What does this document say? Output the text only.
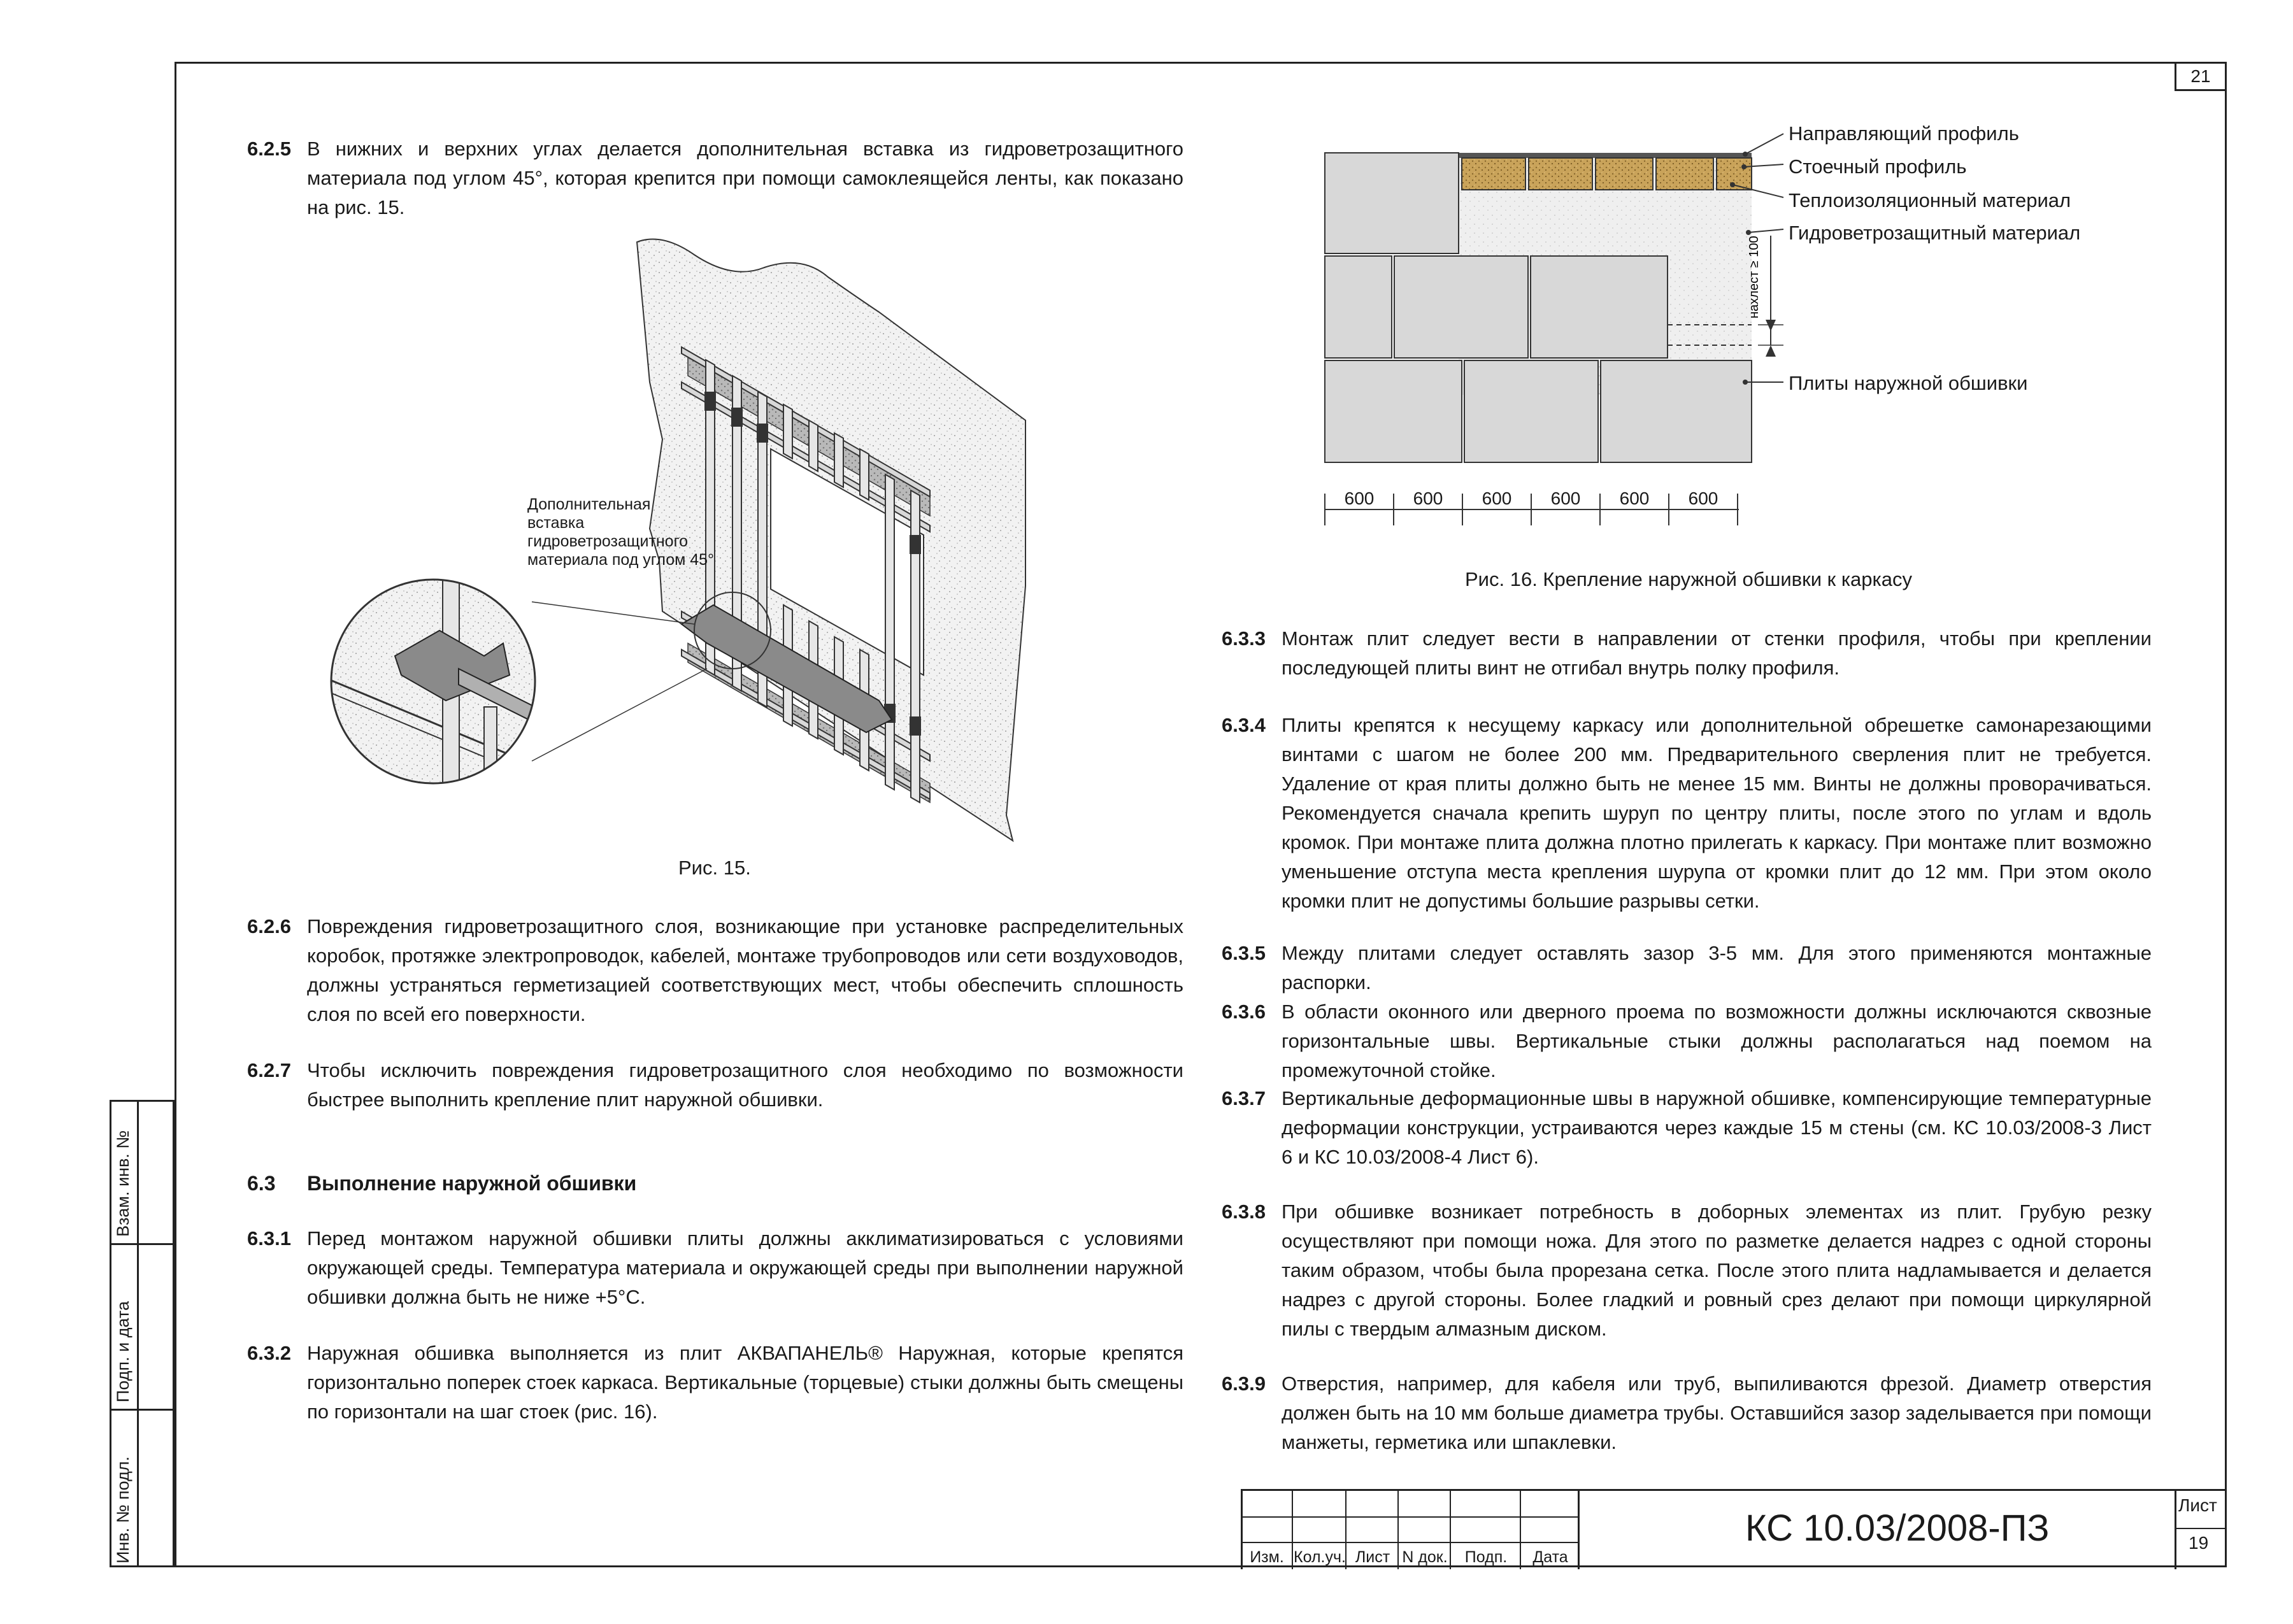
21
Взам. инв. №
Подп. и дата
Инв. № подл.
6.2.5 В нижних и верхних углах делается дополнительная вставка из гидроветрозащитного материала под углом 45°, которая крепится при помощи самоклеящейся ленты, как показано на рис. 15.
Дополнительная
вставка
гидроветрозащитного
материала под углом 45°
Рис. 15.
6.2.6 Повреждения гидроветрозащитного слоя, возникающие при установке распределительных коробок, протяжке электропроводок, кабелей, монтаже трубопроводов или сети воздуховодов, должны устраняться герметизацией соответствующих мест, чтобы обеспечить сплошность слоя по всей его поверхности.
6.2.7 Чтобы исключить повреждения гидроветрозащитного слоя необходимо по возможности быстрее выполнить крепление плит наружной обшивки.
6.3 Выполнение наружной обшивки
6.3.1 Перед монтажом наружной обшивки плиты должны акклиматизироваться с условиями окружающей среды. Температура материала и окружающей среды при выполнении наружной обшивки должна быть не ниже +5°С.
6.3.2 Наружная обшивка выполняется из плит АКВАПАНЕЛЬ® Наружная, которые крепятся горизонтально поперек стоек каркаса. Вертикальные (торцевые) стыки должны быть смещены по горизонтали на шаг стоек (рис. 16).
нахлест ≥ 100
Направляющий профиль
Стоечный профиль
Теплоизоляционный материал
Гидроветрозащитный материал
Плиты наружной обшивки
600 600 600 600 600 600
Рис. 16. Крепление наружной обшивки к каркасу
6.3.3 Монтаж плит следует вести в направлении от стенки профиля, чтобы при креплении последующей плиты винт не отгибал внутрь полку профиля.
6.3.4 Плиты крепятся к несущему каркасу или дополнительной обрешетке самонарезающими винтами с шагом не более 200 мм. Предварительного сверления плит не требуется. Удаление от края плиты должно быть не менее 15 мм. Винты не должны проворачиваться. Рекомендуется сначала крепить шуруп по центру плиты, после этого по углам и вдоль кромок. При монтаже плита должна плотно прилегать к каркасу. При монтаже плит возможно уменьшение отступа места крепления шурупа от кромки плит до 12 мм. При этом около кромки плит не допустимы большие разрывы сетки.
6.3.5 Между плитами следует оставлять зазор 3-5 мм. Для этого применяются монтажные распорки.
6.3.6 В области оконного или дверного проема по возможности должны исключаются сквозные горизонтальные швы. Вертикальные стыки должны располагаться над поемом на промежуточной стойке.
6.3.7 Вертикальные деформационные швы в наружной обшивке, компенсирующие температурные деформации конструкции, устраиваются через каждые 15 м стены (см. КС 10.03/2008-3 Лист 6 и КС 10.03/2008-4 Лист 6).
6.3.8 При обшивке возникает потребность в доборных элементах из плит. Грубую резку осуществляют при помощи ножа. Для этого по разметке делается надрез с одной стороны таким образом, чтобы была прорезана сетка. После этого плита надламывается и делается надрез с другой стороны. Более гладкий и ровный срез делают при помощи циркулярной пилы с твердым алмазным диском.
6.3.9 Отверстия, например, для кабеля или труб, выпиливаются фрезой. Диаметр отверстия должен быть на 10 мм больше диаметра трубы. Оставшийся зазор заделывается при помощи манжеты, герметика или шпаклевки.
Изм. Кол.уч. Лист N док.	Подп.	Дата
КС 10.03/2008-ПЗ
Лист
19
